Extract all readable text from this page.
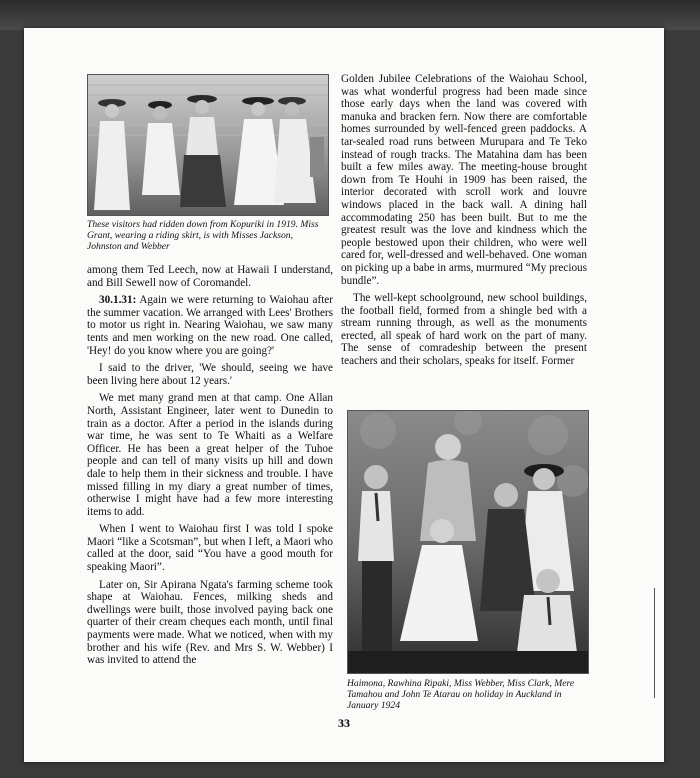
⁞
⁞
These visitors had ridden down from Kopuriki in 1919. Miss Grant, wearing a riding skirt, is with Misses Jackson, Johnston and Webber

among them Ted Leech, now at Hawaii I understand, and Bill Sewell now of Coromandel.

30.1.31: Again we were returning to Waiohau after the summer vacation. We arranged with Lees' Brothers to motor us right in. Nearing Waiohau, we saw many tents and men working on the new road. One called, 'Hey! do you know where you are going?'

I said to the driver, 'We should, seeing we have been living here about 12 years.'

We met many grand men at that camp. One Allan North, Assistant Engineer, later went to Dunedin to train as a doctor. After a period in the islands during war time, he was sent to Te Whaiti as a Welfare Officer. He has been a great helper of the Tuhoe people and can tell of many visits up hill and down dale to help them in their sickness and trouble. I have missed filling in my diary a great number of times, otherwise I might have had a few more interesting items to add.

When I went to Waiohau first I was told I spoke Maori “like a Scotsman”, but when I left, a Maori who called at the door, said “You have a good mouth for speaking Maori”.

Later on, Sir Apirana Ngata's farming scheme took shape at Waiohau. Fences, milking sheds and dwellings were built, those involved paying back one quarter of their cream cheques each month, until final payments were made. What we noticed, when with my brother and his wife (Rev. and Mrs S. W. Webber) I was invited to attend the

Golden Jubilee Celebrations of the Waiohau School, was what wonderful progress had been made since those early days when the land was covered with manuka and bracken fern. Now there are comfortable homes surrounded by well-fenced green paddocks. A tar-sealed road runs between Murupara and Te Teko instead of rough tracks. The Matahina dam has been built a few miles away. The meeting-house brought down from Te Houhi in 1909 has been raised, the interior decorated with scroll work and louvre windows placed in the back wall. A dining hall accommodating 250 has been built. But to me the greatest result was the love and kindness which the people bestowed upon their children, who were well cared for, well-dressed and well-behaved. One woman on picking up a babe in arms, murmured “My precious bundle”.

The well-kept schoolground, new school buildings, the football field, formed from a shingle bed with a stream running through, as well as the monuments erected, all speak of hard work on the part of many. The sense of comradeship between the present teachers and their scholars, speaks for itself. Former

Haimona, Rawhina Ripaki, Miss Webber, Miss Clark, Mere Tamahou and John Te Atarau on holiday in Auckland in January 1924
33
